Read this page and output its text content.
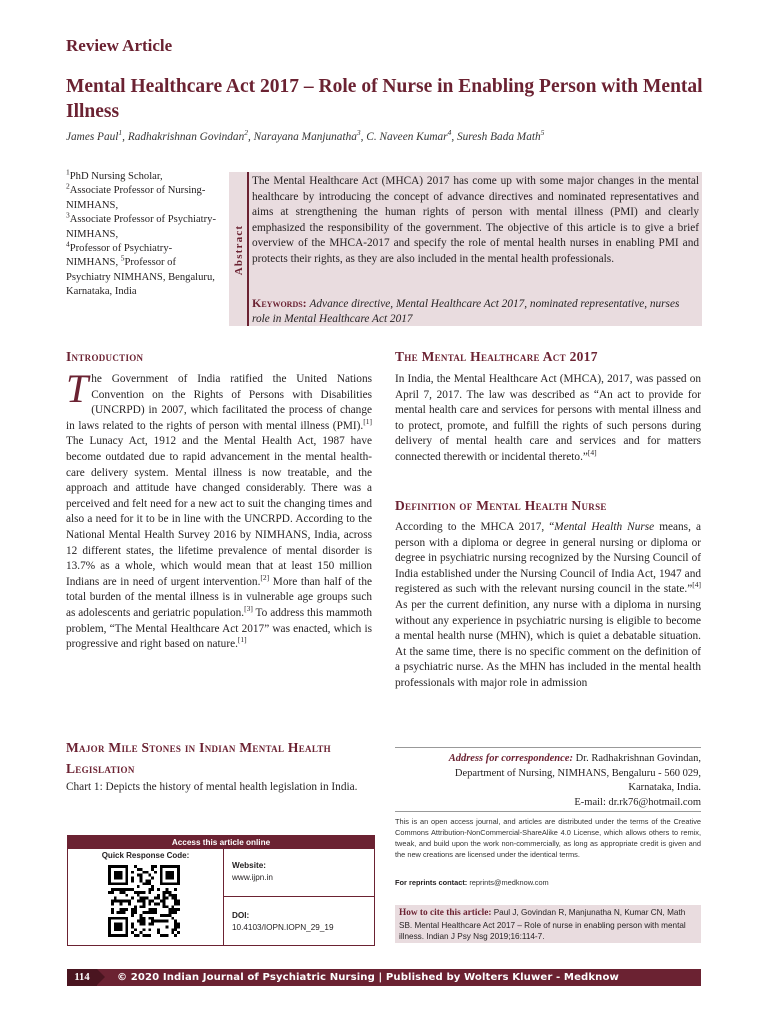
Review Article
Mental Healthcare Act 2017 – Role of Nurse in Enabling Person with Mental Illness
James Paul$^1$, Radhakrishnan Govindan$^2$, Narayana Manjunatha$^3$, C. Naveen Kumar$^4$, Suresh Bada Math$^5$
$^1$PhD Nursing Scholar,
$^2$Associate Professor of Nursing- NIMHANS,
$^3$Associate Professor of Psychiatry- NIMHANS,
$^4$Professor of Psychiatry- NIMHANS, $^5$Professor of Psychiatry NIMHANS, Bengaluru, Karnataka, India
Abstract
The Mental Healthcare Act (MHCA) 2017 has come up with some major changes in the mental healthcare by introducing the concept of advance directives and nominated representatives and aims at strengthening the human rights of person with mental illness (PMI) and clearly emphasized the responsibility of the government. The objective of this article is to give a brief overview of the MHCA-2017 and specify the role of mental health nurses in enabling PMI and protects their rights, as they are also included in the mental health professionals.
Keywords: Advance directive, Mental Healthcare Act 2017, nominated representative, nurses role in Mental Healthcare Act 2017
Introduction
The Government of India ratified the United Nations Convention on the Rights of Persons with Disabilities (UNCRPD) in 2007, which facilitated the process of change in laws related to the rights of person with mental illness (PMI).[1] The Lunacy Act, 1912 and the Mental Health Act, 1987 have become outdated due to rapid advancement in the mental health-care delivery system. Mental illness is now treatable, and the approach and attitude have changed considerably. There was a perceived and felt need for a new act to suit the changing times and also a need for it to be in line with the UNCRPD. According to the National Mental Health Survey 2016 by NIMHANS, India, across 12 different states, the lifetime prevalence of mental disorder is 13.7% as a whole, which would mean that at least 150 million Indians are in need of urgent intervention.[2] More than half of the total burden of the mental illness is in vulnerable age groups such as adolescents and geriatric population.[3] To address this mammoth problem, “The Mental Healthcare Act 2017” was enacted, which is progressive and right based on nature.[1]
Major Mile Stones in Indian Mental Health Legislation
Chart 1: Depicts the history of mental health legislation in India.
The Mental Healthcare Act 2017
In India, the Mental Healthcare Act (MHCA), 2017, was passed on April 7, 2017. The law was described as “An act to provide for mental health care and services for persons with mental illness and to protect, promote, and fulfill the rights of such persons during delivery of mental health care and services and for matters connected therewith or incidental thereto.”[4]
Definition of Mental Health Nurse
According to the MHCA 2017, “Mental Health Nurse means, a person with a diploma or degree in general nursing or diploma or degree in psychiatric nursing recognized by the Nursing Council of India established under the Nursing Council of India Act, 1947 and registered as such with the relevant nursing council in the state.”[4] As per the current definition, any nurse with a diploma in nursing without any experience in psychiatric nursing is eligible to become a mental health nurse (MHN), which is quiet a debatable situation. At the same time, there is no specific comment on the definition of a psychiatric nurse. As the MHN has included in the mental health professionals with major role in admission
Address for correspondence: Dr. Radhakrishnan Govindan,
Department of Nursing, NIMHANS, Bengaluru - 560 029,
Karnataka, India.
E-mail: dr.rk76@hotmail.com
This is an open access journal, and articles are distributed under the terms of the Creative Commons Attribution-NonCommercial-ShareAlike 4.0 License, which allows others to remix, tweak, and build upon the work non-commercially, as long as appropriate credit is given and the new creations are licensed under the identical terms.
For reprints contact: reprints@medknow.com
How to cite this article: Paul J, Govindan R, Manjunatha N, Kumar CN, Math SB. Mental Healthcare Act 2017 – Role of nurse in enabling person with mental illness. Indian J Psy Nsg 2019;16:114-7.
Access this article online
Quick Response Code:
Website:
www.ijpn.in
DOI:
10.4103/IOPN.IOPN_29_19
114	© 2020 Indian Journal of Psychiatric Nursing | Published by Wolters Kluwer - Medknow
